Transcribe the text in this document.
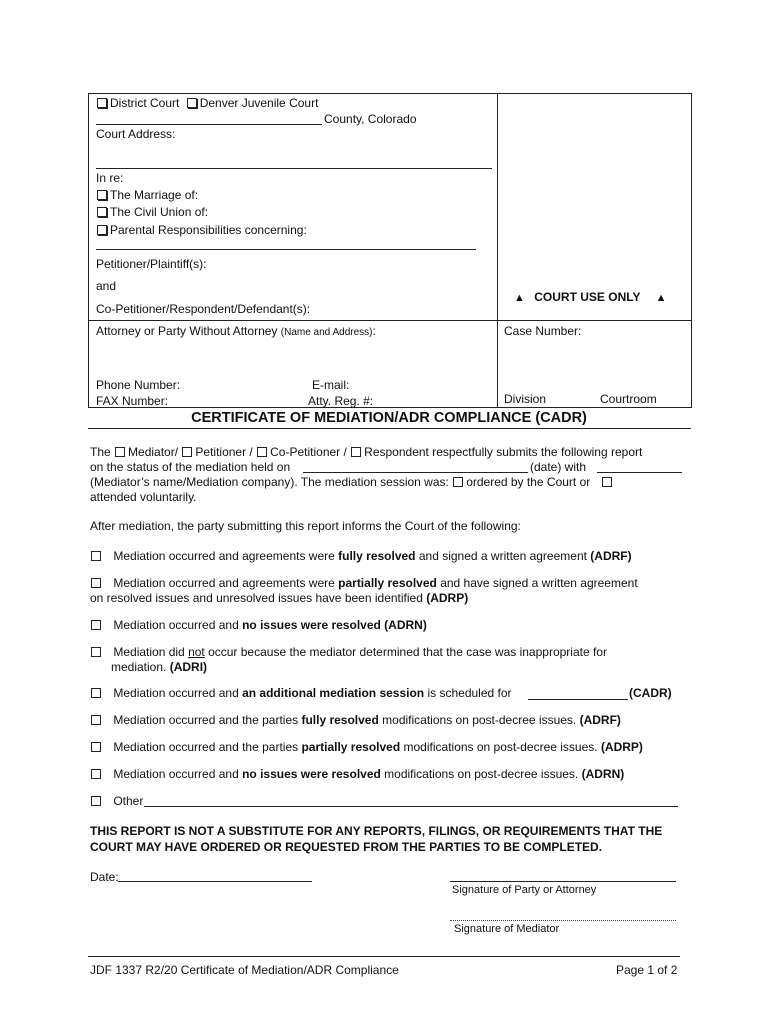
District Court Denver Juvenile Court
County, Colorado
Court Address:
In re:
The Marriage of:
The Civil Union of:
Parental Responsibilities concerning:
Petitioner/Plaintiff(s):
and
Co-Petitioner/Respondent/Defendant(s):
▲ COURT USE ONLY ▲
Attorney or Party Without Attorney (Name and Address):	Case Number:
Phone Number:	E-mail:
FAX Number:	Atty. Reg. #:	Division	Courtroom
CERTIFICATE OF MEDIATION/ADR COMPLIANCE (CADR)
The Mediator/ Petitioner / Co-Petitioner / Respondent respectfully submits the following report
on the status of the mediation held on	(date) with
(Mediator’s name/Mediation company). The mediation session was: ordered by the Court or
attended voluntarily.
After mediation, the party submitting this report informs the Court of the following:
Mediation occurred and agreements were fully resolved and signed a written agreement (ADRF)
Mediation occurred and agreements were partially resolved and have signed a written agreement
on resolved issues and unresolved issues have been identified (ADRP)
Mediation occurred and no issues were resolved (ADRN)
Mediation did not occur because the mediator determined that the case was inappropriate for
mediation. (ADRI)
Mediation occurred and an additional mediation session is scheduled for	(CADR)
Mediation occurred and the parties fully resolved modifications on post-decree issues. (ADRF)
Mediation occurred and the parties partially resolved modifications on post-decree issues. (ADRP)
Mediation occurred and no issues were resolved modifications on post-decree issues. (ADRN)
Other
THIS REPORT IS NOT A SUBSTITUTE FOR ANY REPORTS, FILINGS, OR REQUIREMENTS THAT THE COURT MAY HAVE ORDERED OR REQUESTED FROM THE PARTIES TO BE COMPLETED.
Date:
Signature of Party or Attorney
Signature of Mediator
JDF 1337 R2/20 Certificate of Mediation/ADR Compliance	Page 1 of 2
